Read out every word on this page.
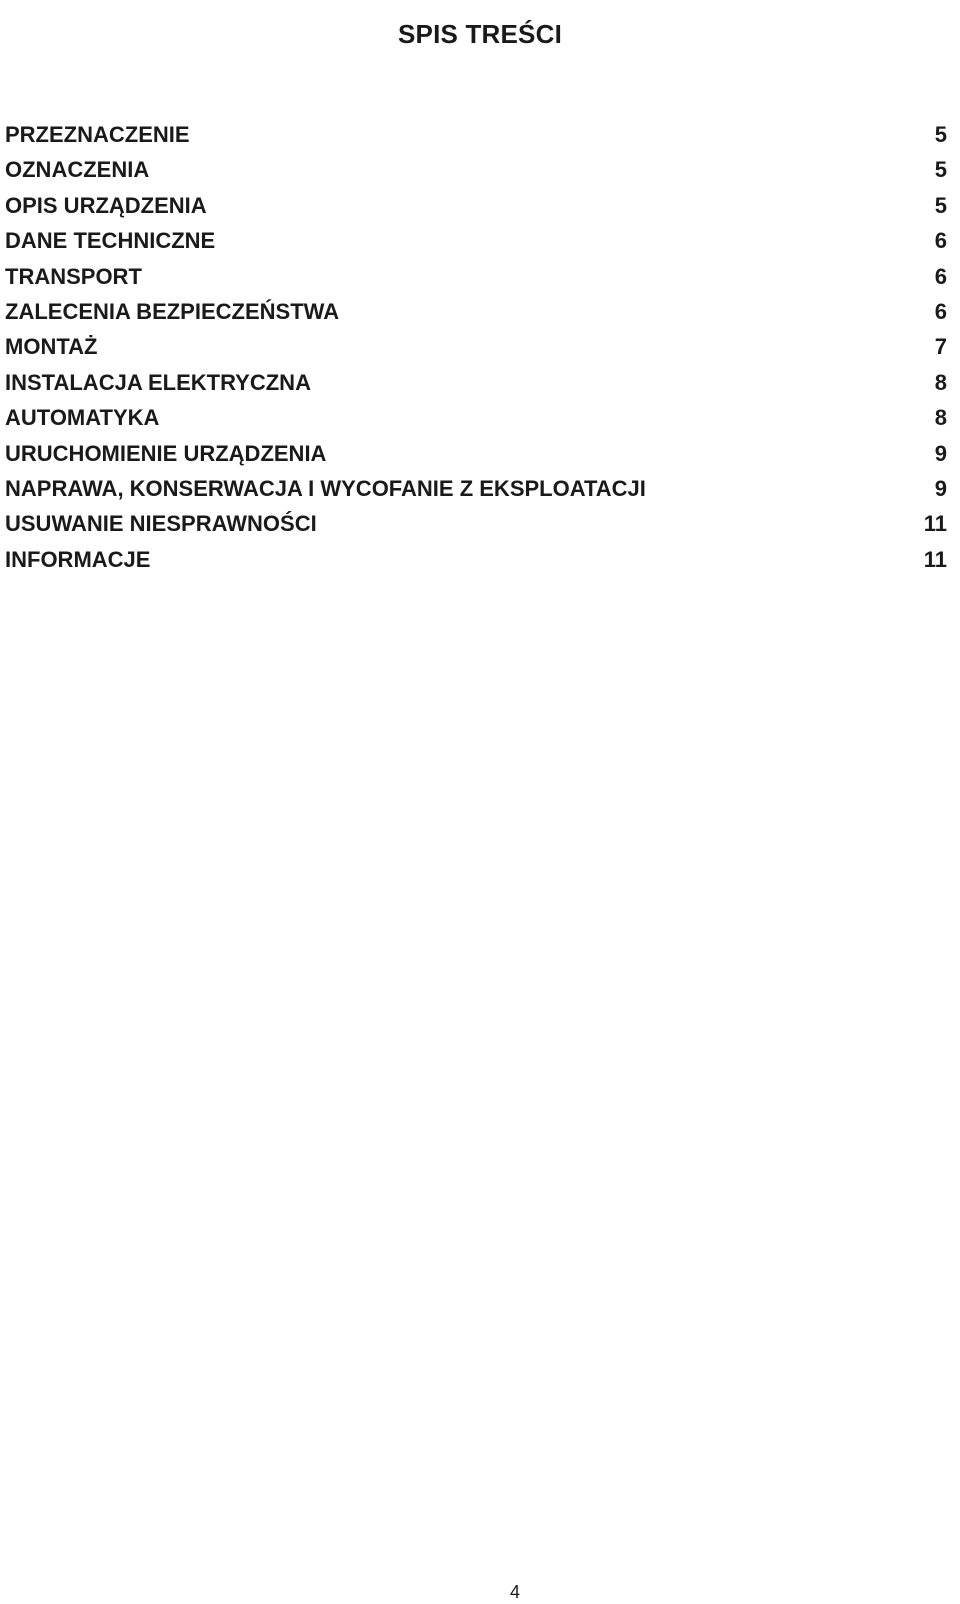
SPIS TREŚCI
PRZEZNACZENIE	5
OZNACZENIA	5
OPIS URZĄDZENIA	5
DANE TECHNICZNE	6
TRANSPORT	6
ZALECENIA BEZPIECZEŃSTWA	6
MONTAŻ	7
INSTALACJA ELEKTRYCZNA	8
AUTOMATYKA	8
URUCHOMIENIE URZĄDZENIA	9
NAPRAWA, KONSERWACJA I WYCOFANIE Z EKSPLOATACJI	9
USUWANIE NIESPRAWNOŚCI	11
INFORMACJE	11
4
